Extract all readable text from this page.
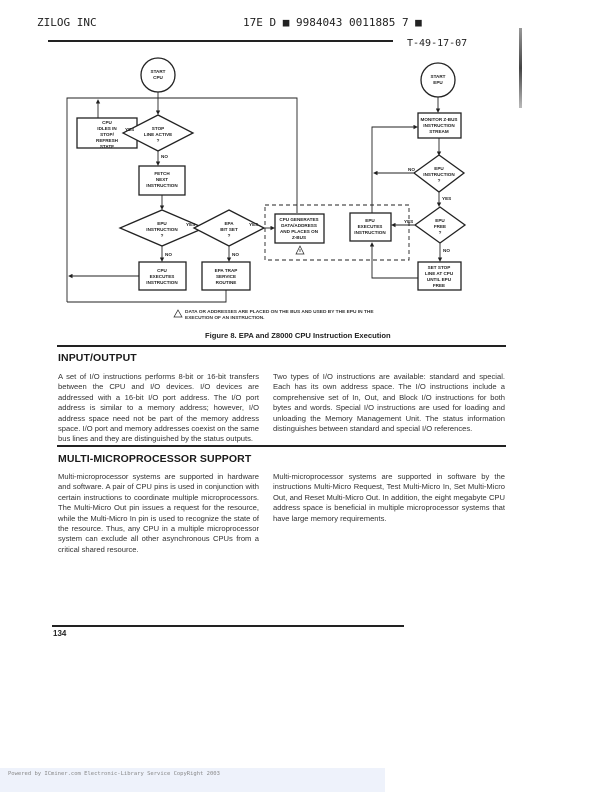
ZILOG INC	17E D ■ 9984043 0011885 7 ■
T-49-17-07
START CPU
CPU IDLES IN STOP/ REFRESH STATE
STOP LINE ACTIVE ?
FETCH NEXT INSTRUCTION
EPU INSTRUCTION ?
EPA BIT SET ?
CPU EXECUTES INSTRUCTION
EPA TRAP SERVICE ROUTINE
CPU GENERATES DATA/ADDRESS AND PLACES ON Z-BUS
EPU EXECUTES INSTRUCTION
START EPU
MONITOR Z-BUS INSTRUCTION STREAM
EPU INSTRUCTION ?
EPU FREE ?
SET STOP LINE AT CPU UNTIL EPU FREE
YES
NO
YES
NO
YES
NO
NO
YES
YES
NO
DATA OR ADDRESSES ARE PLACED ON THE BUS AND USED BY THE EPU IN THE
EXECUTION OF AN INSTRUCTION.
Figure 8. EPA and Z8000 CPU Instruction Execution
INPUT/OUTPUT
A set of I/O instructions performs 8-bit or 16-bit transfers between the CPU and I/O devices. I/O devices are addressed with a 16-bit I/O port address. The I/O port address is similar to a memory address; however, I/O address space need not be part of the memory address space. I/O port and memory addresses coexist on the same bus lines and they are distinguished by the status outputs.
Two types of I/O instructions are available: standard and special. Each has its own address space. The I/O instructions include a comprehensive set of In, Out, and Block I/O instructions for both bytes and words. Special I/O instructions are used for loading and unloading the Memory Management Unit. The status information distinguishes between standard and special I/O references.
MULTI-MICROPROCESSOR SUPPORT
Multi-microprocessor systems are supported in hardware and software. A pair of CPU pins is used in conjunction with certain instructions to coordinate multiple microprocessors. The Multi-Micro Out pin issues a request for the resource, while the Multi-Micro In pin is used to recognize the state of the resource. Thus, any CPU in a multiple microprocessor system can exclude all other asynchronous CPUs from a critical shared resource.
Multi-microprocessor systems are supported in software by the instructions Multi-Micro Request, Test Multi-Micro In, Set Multi-Micro Out, and Reset Multi-Micro Out. In addition, the eight megabyte CPU address space is beneficial in multiple microprocessor systems that have large memory requirements.
134
Powered by ICminer.com Electronic-Library Service CopyRight 2003
